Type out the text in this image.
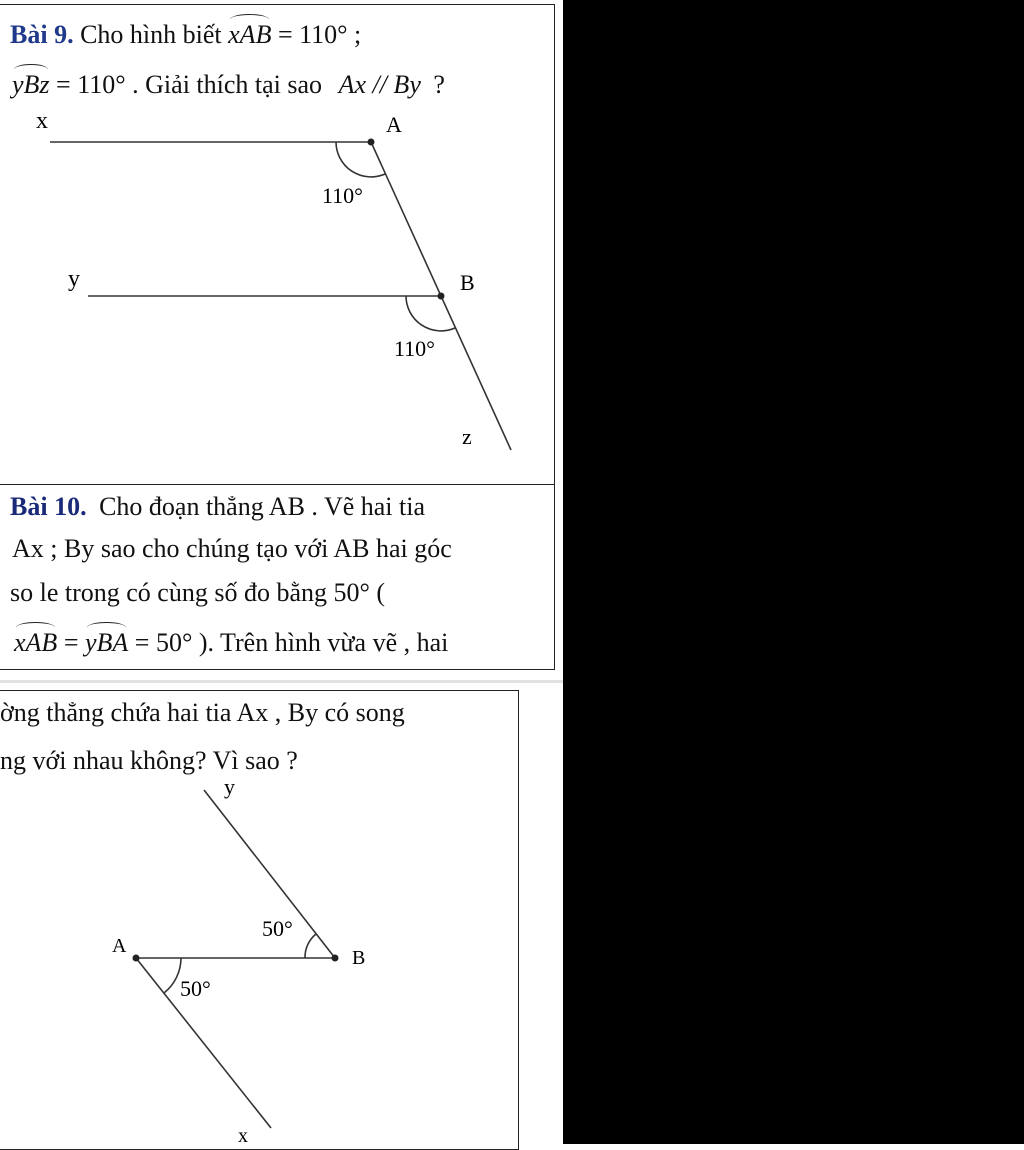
Bài 9. Cho hình biết xAB = 110° ;
yBz = 110° . Giải thích tại sao Ax // By ?
x	A
y	B
z
110°
110°
Bài 10. Cho đoạn thẳng AB . Vẽ hai tia
Ax ; By sao cho chúng tạo với AB hai góc
so le trong có cùng số đo bằng 50° (
xAB = yBA = 50° ). Trên hình vừa vẽ , hai
ờng thẳng chứa hai tia Ax , By có song
ng với nhau không? Vì sao ?
y
A
B
x
50°
50°
